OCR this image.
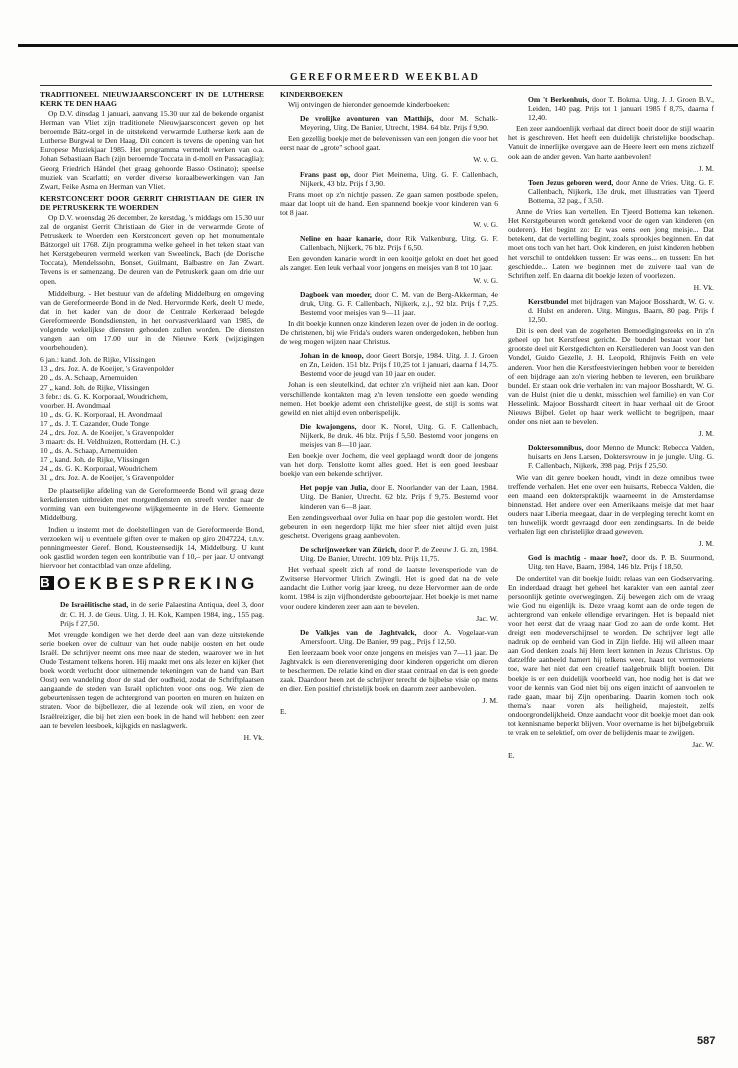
GEREFORMEERD WEEKBLAD
TRADITIONEEL NIEUWJAARSCONCERT IN DE LUTHERSE KERK TE DEN HAAG

Op D.V. dinsdag 1 januari, aanvang 15.30 uur zal de bekende organist Herman van Vliet zijn traditionele Nieuwjaarsconcert geven op het beroemde Bätz-orgel in de uitstekend verwarmde Lutherse kerk aan de Lutherse Burgwal te Den Haag. Dit concert is tevens de opening van het Europese Muziekjaar 1985. Het programma vermeldt werken van o.a. Johan Sebastiaan Bach (zijn beroemde Toccata in d-moll en Passacaglia); Georg Friedrich Händel (het graag gehoorde Basso Ostinato); speelse muziek van Scarlatti; en verder diverse koraalbewerkingen van Jan Zwart, Feike Asma en Herman van Vliet.

KERSTCONCERT DOOR GERRIT CHRISTIAAN DE GIER IN DE PETRUSKERK TE WOERDEN

Op D.V. woensdag 26 december, 2e kerstdag, 's middags om 15.30 uur zal de organist Gerrit Christiaan de Gier in de verwarmde Grote of Petruskerk te Woerden een Kerstconcert geven op het monumentale Bätzorgel uit 1768. Zijn programma welke geheel in het teken staat van het Kerstgebeuren vermeld werken van Sweelinck, Bach (de Dorische Toccata), Mendelssohn, Bonset, Guilmant, Balbastre en Jan Zwart. Tevens is er samenzang. De deuren van de Petruskerk gaan om drie uur open.

Middelburg. - Het bestuur van de afdeling Middelburg en omgeving van de Gereformeerde Bond in de Ned. Hervormde Kerk, deelt U mede, dat in het kader van de door de Centrale Kerkeraad belegde Gereformeerde Bondsdiensten, in het oorvastverklaard van 1985, de volgende wekelijkse diensten gehouden zullen worden. De diensten vangen aan om 17.00 uur in de Nieuwe Kerk (wijzigingen voorbehouden).

6 jan.: kand. Joh. de Rijke, Vlissingen
13 „ drs. Joz. A. de Koeijer, 's Gravenpolder
20 „ ds. A. Schaap, Arnemuiden
27 „ kand. Joh. de Rijke, Vlissingen
3 febr.: ds. G. K. Korporaal, Woudrichem,
voorber. H. Avondmaal
10 „ ds. G. K. Korporaal, H. Avondmaal
17 „ ds. J. T. Cazander, Oude Tonge
24 „ drs. Joz. A. de Koeijer, 's Gravenpolder
3 maart: ds. H. Veldhuizen, Rotterdam (H. C.)
10 „ ds. A. Schaap, Arnemuiden
17 „ kand. Joh. de Rijke, Vlissingen
24 „ ds. G. K. Korporaal, Woudrichem
31 „ drs. Joz. A. de Koeijer, 's Gravenpolder

De plaatselijke afdeling van de Gereformeerde Bond wil graag deze kerkdiensten uitbreiden met morgendiensten en streeft verder naar de vorming van een buitengewone wijkgemeente in de Herv. Gemeente Middelburg.

Indien u instemt met de doelstellingen van de Gereformeerde Bond, verzoeken wij u eventuele giften over te maken op giro 2047224, t.n.v. penningmeester Geref. Bond, Kousteensedijk 14, Middelburg. U kunt ook gastlid worden tegen een kontributie van f 10,– per jaar. U ontvangt hiervoor het contactblad van onze afdeling.

B OEKBESPREKING

De Israëlitische stad, in de serie Palaestina Antiqua, deel 3, door dr. C. H. J. de Geus. Uitg. J. H. Kok, Kampen 1984, ing., 155 pag. Prijs f 27,50.

Met vreugde kondigen we het derde deel aan van deze uitstekende serie boeken over de cultuur van het oude nabije oosten en het oude Israël. De schrijver neemt ons mee naar de steden, waarover we in het Oude Testament telkens horen. Hij maakt met ons als lezer en kijker (het boek wordt verlucht door uitnemende tekeningen van de hand van Bart Oost) een wandeling door de stad der oudheid, zodat de Schriftplaatsen aangaande de steden van Israël oplichten voor ons oog. We zien de gebeurtenissen tegen de achtergrond van poorten en muren en huizen en straten. Voor de bijbellezer, die al lezende ook wil zien, en voor de Israëlreiziger, die bij het zien een boek in de hand wil hebben: een zeer aan te bevelen leesboek, kijkgids en naslagwerk.

H. Vk.
KINDERBOEKEN

Wij ontvingen de hieronder genoemde kinderboeken:

De vrolijke avonturen van Matthijs, door M. Schalk-Meyering, Uitg. De Banier, Utrecht, 1984. 64 blz. Prijs f 9,90.

Een gezellig boekje met de belevenissen van een jongen die voor het eerst naar de „grote" school gaat.

W. v. G.

Frans past op, door Piet Meinema, Uitg. G. F. Callenbach, Nijkerk, 43 blz. Prijs f 3,90.

Frans moet op z'n nichtje passen. Ze gaan samen postbode spelen, maar dat loopt uit de hand. Een spannend boekje voor kinderen van 6 tot 8 jaar.

W. v. G.

Neline en haar kanarie, door Rik Valkenburg, Uitg. G. F. Callenbach, Nijkerk, 76 blz. Prijs f 6,50.

Een gevonden kanarie wordt in een kooitje gelokt en doet het goed als zanger. Een leuk verhaal voor jongens en meisjes van 8 tot 10 jaar.

W. v. G.

Dagboek van moeder, door C. M. van de Berg-Akkerman, 4e druk, Uitg. G. F. Callenbach, Nijkerk, z.j., 92 blz. Prijs f 7,25. Bestemd voor meisjes van 9—11 jaar.

In dit boekje kunnen onze kinderen lezen over de joden in de oorlog. De christenen, bij wie Frida's ouders waren ondergedoken, hebben hun de weg mogen wijzen naar Christus.

Johan in de knoop, door Geert Borsje, 1984. Uitg. J. J. Groen en Zn, Leiden. 151 blz. Prijs f 10,25 tot 1 januari, daarna f 14,75. Bestemd voor de jeugd van 10 jaar en ouder.

Johan is een sleutelkind, dat echter z'n vrijheid niet aan kan. Door verschillende kontakten mag z'n leven tenslotte een goede wending nemen. Het boekje ademt een christelijke geest, de stijl is soms wat gewild en niet altijd even onberispelijk.

Die kwajongens, door K. Norel, Uitg. G. F. Callenbach, Nijkerk, 8e druk. 46 blz. Prijs f 5,50. Bestemd voor jongens en meisjes van 8—10 jaar.

Een boekje over Jochem, die veel geplaagd wordt door de jongens van het dorp. Tenslotte komt alles goed. Het is een goed leesbaar boekje van een bekende schrijver.

Het popje van Julia, door E. Noorlander van der Laan, 1984. Uitg. De Banier, Utrecht. 62 blz. Prijs f 9,75. Bestemd voor kinderen van 6—8 jaar.

Een zendingsverhaal over Julia en haar pop die gestolen wordt. Het gebeuren in een negerdorp lijkt me hier sfeer niet altijd even juist geschetst. Overigens graag aanbevolen.

De schrijnwerker van Zürich, door P. de Zeeuw J. G. zn, 1984. Uitg. De Banier, Utrecht. 109 blz. Prijs 11,75.

Het verhaal speelt zich af rond de laatste levensperiode van de Zwitserse Hervormer Ulrich Zwingli. Het is goed dat na de vele aandacht die Luther vorig jaar kreeg, nu deze Hervormer aan de orde komt. 1984 is zijn vijfhonderdste geboortejaar. Het boekje is met name voor oudere kinderen zeer aan aan te bevelen.

Jac. W.

De Valkjes van de Jaghtvalck, door A. Vogelaar-van Amersfoort. Uitg. De Banier, 99 pag., Prijs f 12,50.

Een leerzaam boek voor onze jongens en meisjes van 7—11 jaar. De Jaghtvalck is een dierenvereniging door kinderen opgericht om dieren te beschermen. De relatie kind en dier staat centraal en dat is een goede zaak. Daardoor heen zet de schrijver terecht de bijbelse visie op mens en dier. Een positief christelijk boek en daarom zeer aanbevolen.

J. M.
E.

Om 't Berkenhuis, door T. Bokma. Uitg. J. J. Groen B.V., Leiden, 140 pag. Prijs tot 1 januari 1985 f 8,75, daarna f 12,40.

Een zeer aandoenlijk verhaal dat direct boeit door de stijl waarin het is geschreven. Het heeft een duidelijk christelijke boodschap. Vanuit de innerlijke overgave aan de Heere leert een mens zichzelf ook aan de ander geven. Van harte aanbevolen!

J. M.

Toen Jezus geboren werd, door Anne de Vries. Uitg. G. F. Callenbach, Nijkerk, 13e druk, met illustraties van Tjeerd Bottema, 32 pag., f 3,50.

Anne de Vries kan vertellen. En Tjeerd Bottema kan tekenen. Het Kerstgebeuren wordt getekend voor de ogen van kinderen (en ouderen). Het begint zo: Er was eens een jong meisje... Dat betekent, dat de vertelling begint, zoals sprookjes beginnen. En dat moet ons toch van het hart. Ook kinderen, en juist kinderen hebben het verschil te ontdekken tussen: Er was eens... en tussen: En het geschiedde... Laten we beginnen met de zuivere taal van de Schriften zelf. En daarna dit boekje lezen of voorlezen.

H. Vk.

Kerstbundel met bijdragen van Majoor Bosshardt, W. G. v. d. Hulst en anderen. Uitg. Mingus, Baarn, 80 pag. Prijs f 12,50.

Dit is een deel van de zogeheten Bemoedigingsreeks en in z'n geheel op het Kerstfeest gericht. De bundel bestaat voor het grootste deel uit Kerstgedichten en Kerstliederen van Joost van den Vondel, Guido Gezelle, J. H. Leopold, Rhijnvis Feith en vele anderen. Voor hen die Kerstfeestvieringen hebben voor te bereiden of een bijdrage aan zo'n viering hebben te leveren, een bruikbare bundel. Er staan ook drie verhalen in: van majoor Bosshardt, W. G. van de Hulst (niet die u denkt, misschien wel familie) en van Cor Hesselink. Majoor Bosshardt citeert in haar verhaal uit de Groot Nieuws Bijbel. Gelet op haar werk wellicht te begrijpen, maar onder ons niet aan te bevelen.

J. M.

Doktersomnibus, door Menno de Munck: Rebecca Valden, huisarts en Jens Larsen, Doktersvrouw in je jungle. Uitg. G. F. Callenbach, Nijkerk, 398 pag. Prijs f 25,50.

Wie van dit genre boeken houdt, vindt in deze omnibus twee treffende verhalen. Het ene over een huisarts, Rebecca Valden, die een maand een dokterspraktijk waarneemt in de Amsterdamse binnenstad. Het andere over een Amerikaans meisje dat met haar ouders naar Liberia meegaat, daar in de verpleging terecht komt en ten huwelijk wordt gevraagd door een zendingsarts. In de beide verhalen ligt een christelijke draad geweven.

J. M.

God is machtig - maar hoe?, door ds. P. B. Suurmond, Uitg. ten Have, Baarn, 1984, 146 blz. Prijs f 18,50.

De ondertitel van dit boekje luidt: relaas van een Godservaring. En inderdaad draagt het geheel het karakter van een aantal zeer persoonlijk getinte overwegingen. Zij bewegen zich om de vraag wie God nu eigenlijk is. Deze vraag komt aan de orde tegen de achtergrond van enkele ellendige ervaringen. Het is bepaald niet voor het eerst dat de vraag naar God zo aan de orde komt. Het dreigt een modeverschijnsel te worden. De schrijver legt alle nadruk op de eenheid van God in Zijn liefde. Hij wil alleen maar aan God denken zoals hij Hem leert kennen in Jezus Christus. Op datzelfde aanbeeld hamert hij telkens weer, haast tot vermoeiens toe, ware het niet dat een creatief taalgebruik blijft boeien. Dit boekje is er een duidelijk voorbeeld van, hoe nodig het is dat we voor de kennis van God niet bij ons eigen inzicht of aanvoelen te rade gaan, maar bij Zijn openbaring. Daarin komen toch ook thema's naar voren als heiligheid, majesteit, zelfs ondoorgrondelijkheid. Onze aandacht voor dit boekje moet dan ook tot kennisname beperkt blijven. Voor overname is het bijbelgebruik te vrak en te selektief, om over de belijdenis maar te zwijgen.

Jac. W.
E.
587
